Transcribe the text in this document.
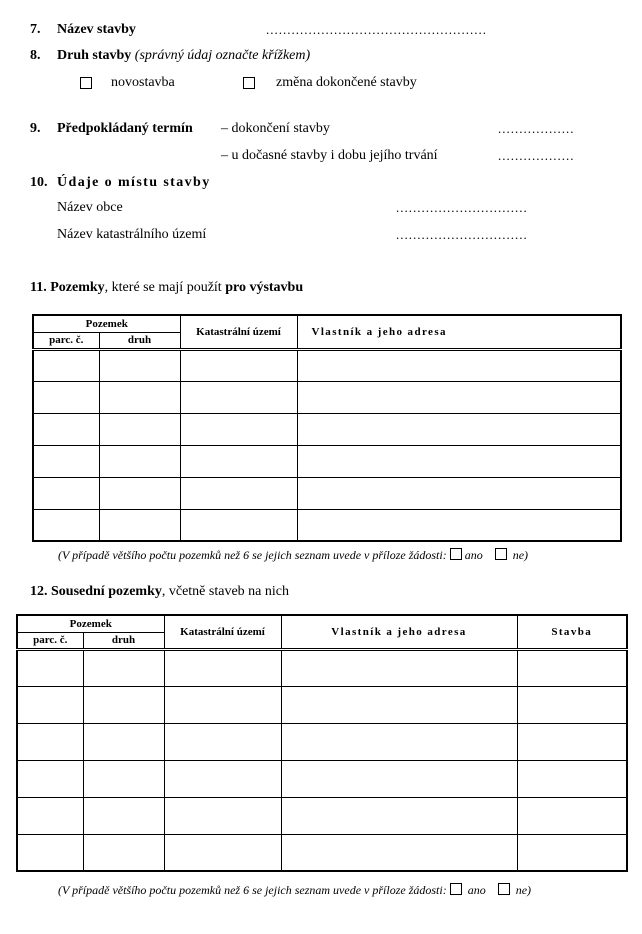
7. Název stavby	....................................................
8. Druh stavby (správný údaj označte křížkem)
novostavba	změna dokončené stavby
9. Předpokládaný termín – dokončení stavby	..................
– u dočasné stavby i dobu jejího trvání	..................
10. Údaje o místu stavby
Název obce	...............................
Název katastrálního území	...............................
11. Pozemky, které se mají použít pro výstavbu
Pozemek		Katastrální území	Vlastník a jeho adresa
parc. č.	druh		

(V případě většího počtu pozemků než 6 se jejich seznam uvede v příloze žádosti: ano	ne)
12. Sousední pozemky, včetně staveb na nich
Pozemek		Katastrální území	Vlastník a jeho adresa	Stavba
parc. č.	druh			

(V případě většího počtu pozemků než 6 se jejich seznam uvede v příloze žádosti: ano	ne)
